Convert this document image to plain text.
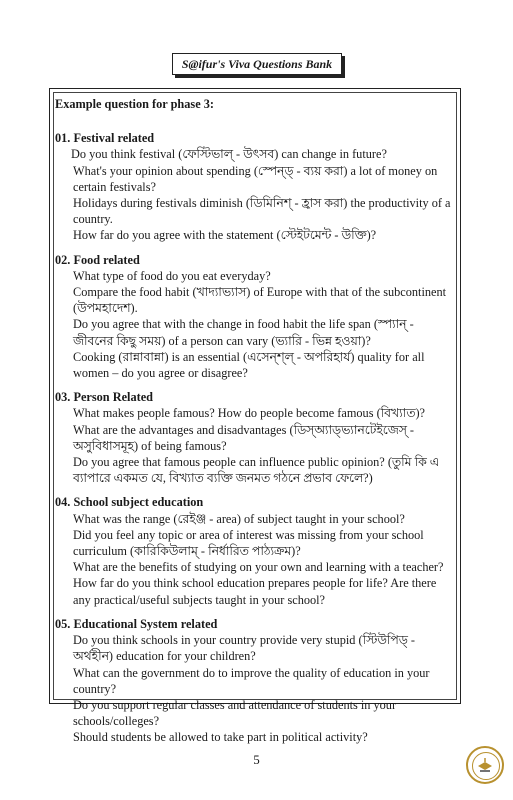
S@ifur's Viva Questions Bank

Example question for phase 3:

01. Festival related

Do you think festival (ফেস্টিভাল্ - উৎসব) can change in future?

What's your opinion about spending (স্পেন্ড্ - ব্যয় করা) a lot of money on certain festivals?

Holidays during festivals diminish (ডিমিনিশ্ - হ্রাস করা) the productivity of a country.

How far do you agree with the statement (স্টেইটমেন্ট - উক্তি)?

02. Food related

What type of food do you eat everyday?

Compare the food habit (খাদ্যাভ্যাস) of Europe with that of the subcontinent (উপমহাদেশ).

Do you agree that with the change in food habit the life span (স্প্যান্ - জীবনের কিছু সময়) of a person can vary (ভ্যারি - ভিন্ন হওয়া)?

Cooking (রান্নাবান্না) is an essential (এসেন্শ্ল্ - অপরিহার্য) quality for all women – do you agree or disagree?

03. Person Related

What makes people famous? How do people become famous (বিখ্যাত)?

What are the advantages and disadvantages (ডিস্অ্যাড্ভ্যানটেইজেস্ - অসুবিধাসমূহ) of being famous?

Do you agree that famous people can influence public opinion? (তুমি কি এ ব্যাপারে একমত যে, বিখ্যাত ব্যক্তি জনমত গঠনে প্রভাব ফেলে?)

04. School subject education

What was the range (রেইঞ্জ - area) of subject taught in your school?

Did you feel any topic or area of interest was missing from your school curriculum (কারিকিউলাম্ - নির্ধারিত পাঠ্যক্রম)?

What are the benefits of studying on your own and learning with a teacher?

How far do you think school education prepares people for life? Are there any practical/useful subjects taught in your school?

05. Educational System related

Do you think schools in your country provide very stupid (স্টিউপিড্ - অর্থহীন) education for your children?

What can the government do to improve the quality of education in your country?

Do you support regular classes and attendance of students in your schools/colleges?

Should students be allowed to take part in political activity?

5
